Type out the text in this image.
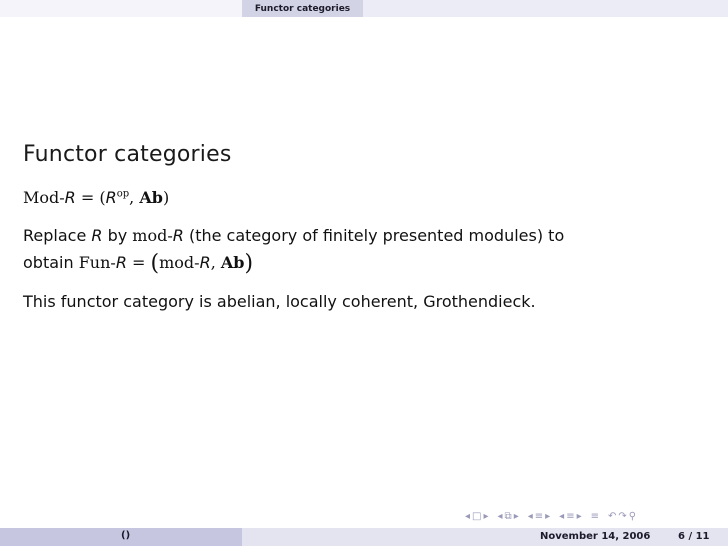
Functor categories
Functor categories
$Mod-R = (R^{op}$, Ab)
Replace R by mod-R (the category of finitely presented modules) to
obtain Fun-R = (mod-R, Ab)
This functor category is abelian, locally coherent, Grothendieck.
◂ □ ▸ ◂ ⧉ ▸ ◂ ≡ ▸ ◂ ≡ ▸ ≡ ↶ ↷ ⚲
()	November 14, 2006	6 / 11
